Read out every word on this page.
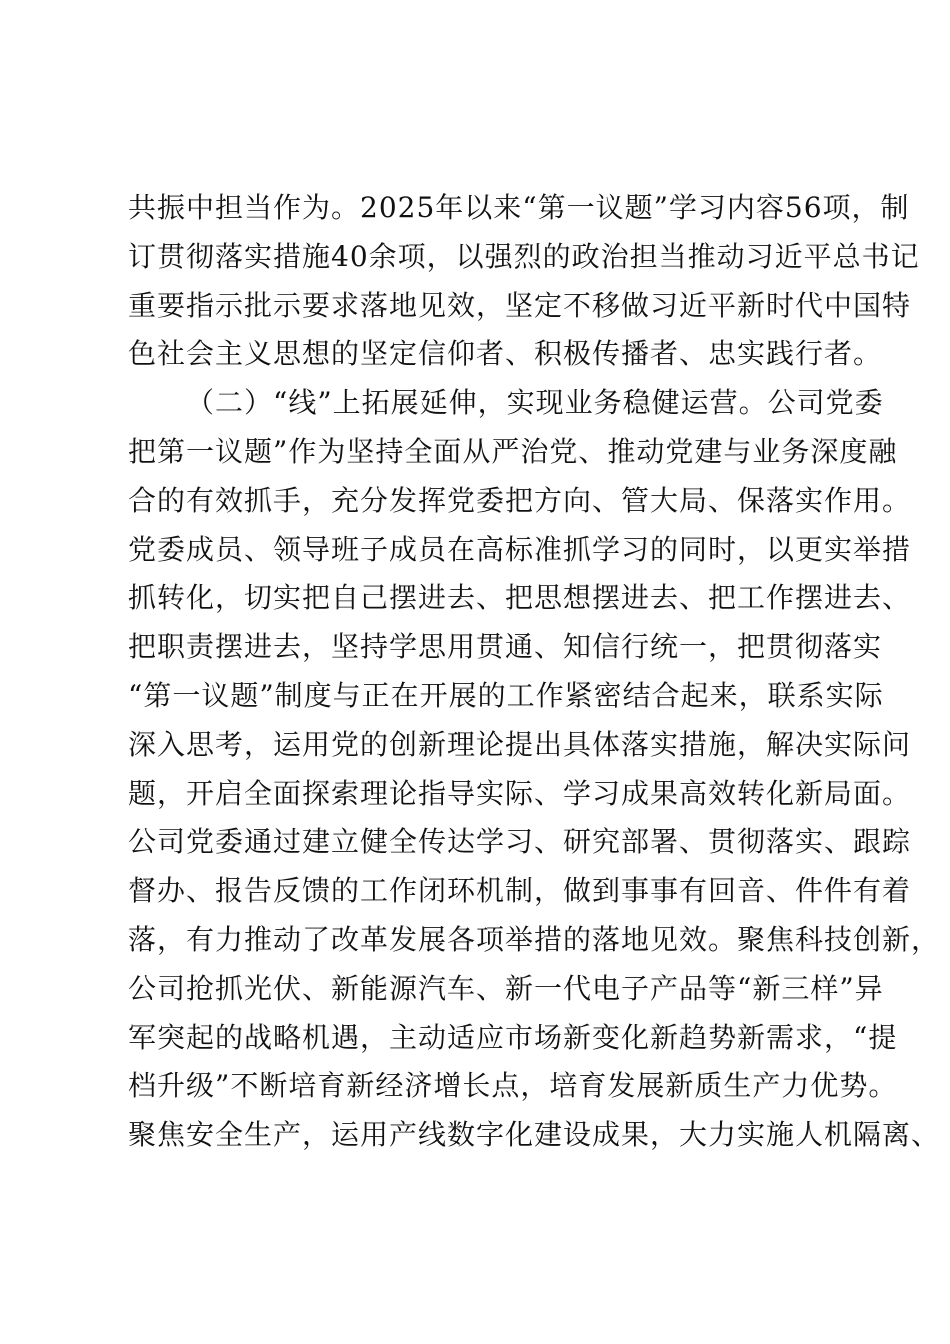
共振中担当作为。2025年以来“第一议题”学习内容56项，制
订贯彻落实措施40余项，以强烈的政治担当推动习近平总书记
重要指示批示要求落地见效，坚定不移做习近平新时代中国特
色社会主义思想的坚定信仰者、积极传播者、忠实践行者。
（二）“线”上拓展延伸，实现业务稳健运营。公司党委
把第一议题”作为坚持全面从严治党、推动党建与业务深度融
合的有效抓手，充分发挥党委把方向、管大局、保落实作用。
党委成员、领导班子成员在高标准抓学习的同时，以更实举措
抓转化，切实把自己摆进去、把思想摆进去、把工作摆进去、
把职责摆进去，坚持学思用贯通、知信行统一，把贯彻落实
“第一议题”制度与正在开展的工作紧密结合起来，联系实际
深入思考，运用党的创新理论提出具体落实措施，解决实际问
题，开启全面探索理论指导实际、学习成果高效转化新局面。
公司党委通过建立健全传达学习、研究部署、贯彻落实、跟踪
督办、报告反馈的工作闭环机制，做到事事有回音、件件有着
落，有力推动了改革发展各项举措的落地见效。聚焦科技创新，
公司抢抓光伏、新能源汽车、新一代电子产品等“新三样”异
军突起的战略机遇，主动适应市场新变化新趋势新需求，“提
档升级”不断培育新经济增长点，培育发展新质生产力优势。
聚焦安全生产，运用产线数字化建设成果，大力实施人机隔离、
